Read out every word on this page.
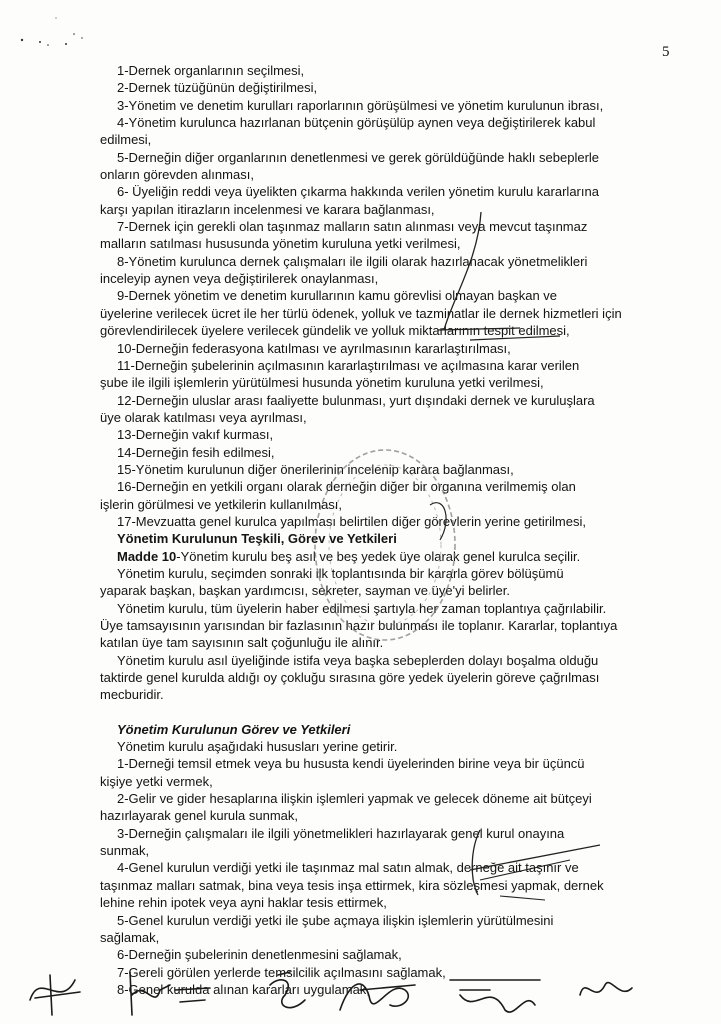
5
1-Dernek organlarının seçilmesi,
2-Dernek tüzüğünün değiştirilmesi,
3-Yönetim ve denetim kurulları raporlarının görüşülmesi ve yönetim kurulunun ibrası,
4-Yönetim kurulunca hazırlanan bütçenin görüşülüp aynen veya değiştirilerek kabul
edilmesi,
5-Derneğin diğer organlarının denetlenmesi ve gerek görüldüğünde haklı sebeplerle
onların görevden alınması,
6- Üyeliğin reddi veya üyelikten çıkarma hakkında verilen yönetim kurulu kararlarına
karşı yapılan itirazların incelenmesi ve karara bağlanması,
7-Dernek için gerekli olan taşınmaz malların satın alınması veya mevcut taşınmaz
malların satılması hususunda yönetim kuruluna yetki verilmesi,
8-Yönetim kurulunca dernek çalışmaları ile ilgili olarak hazırlanacak yönetmelikleri
inceleyip aynen veya değiştirilerek onaylanması,
9-Dernek yönetim ve denetim kurullarının kamu görevlisi olmayan başkan ve
üyelerine verilecek ücret ile her türlü ödenek, yolluk ve tazminatlar ile dernek hizmetleri için
görevlendirilecek üyelere verilecek gündelik ve yolluk miktarlarının tespit edilmesi,
10-Derneğin federasyona katılması ve ayrılmasının kararlaştırılması,
11-Derneğin şubelerinin açılmasının kararlaştırılması ve açılmasına karar verilen
şube ile ilgili işlemlerin yürütülmesi husunda yönetim kuruluna yetki verilmesi,
12-Derneğin uluslar arası faaliyette bulunması, yurt dışındaki dernek ve kuruluşlara
üye olarak katılması veya ayrılması,
13-Derneğin vakıf kurması,
14-Derneğin fesih edilmesi,
15-Yönetim kurulunun diğer önerilerinin incelenip karara bağlanması,
16-Derneğin en yetkili organı olarak derneğin diğer bir organına verilmemiş olan
işlerin görülmesi ve yetkilerin kullanılması,
17-Mevzuatta genel kurulca yapılması belirtilen diğer görevlerin yerine getirilmesi,
Yönetim Kurulunun Teşkili, Görev ve Yetkileri
Madde 10-Yönetim kurulu beş asıl ve beş yedek üye olarak genel kurulca seçilir.
Yönetim kurulu, seçimden sonraki ilk toplantısında bir kararla görev bölüşümü
yaparak başkan, başkan yardımcısı, sekreter, sayman ve üye'yi belirler.
Yönetim kurulu, tüm üyelerin haber edilmesi şartıyla her zaman toplantıya çağrılabilir.
Üye tamsayısının yarısından bir fazlasının hazır bulunması ile toplanır. Kararlar, toplantıya
katılan üye tam sayısının salt çoğunluğu ile alınır.
Yönetim kurulu asıl üyeliğinde istifa veya başka sebeplerden dolayı boşalma olduğu
taktirde genel kurulda aldığı oy çokluğu sırasına göre yedek üyelerin göreve çağrılması
mecburidir.
Yönetim Kurulunun Görev ve Yetkileri
Yönetim kurulu aşağıdaki hususları yerine getirir.
1-Derneği temsil etmek veya bu hususta kendi üyelerinden birine veya bir üçüncü
kişiye yetki vermek,
2-Gelir ve gider hesaplarına ilişkin işlemleri yapmak ve gelecek döneme ait bütçeyi
hazırlayarak genel kurula sunmak,
3-Derneğin çalışmaları ile ilgili yönetmelikleri hazırlayarak genel kurul onayına
sunmak,
4-Genel kurulun verdiği yetki ile taşınmaz mal satın almak, derneğe ait taşınır ve
taşınmaz malları satmak, bina veya tesis inşa ettirmek, kira sözleşmesi yapmak, dernek
lehine rehin ipotek veya ayni haklar tesis ettirmek,
5-Genel kurulun verdiği yetki ile şube açmaya ilişkin işlemlerin yürütülmesini
sağlamak,
6-Derneğin şubelerinin denetlenmesini sağlamak,
7-Gereli görülen yerlerde temsilcilik açılmasını sağlamak,
8-Genel kurulda alınan kararları uygulamak,
